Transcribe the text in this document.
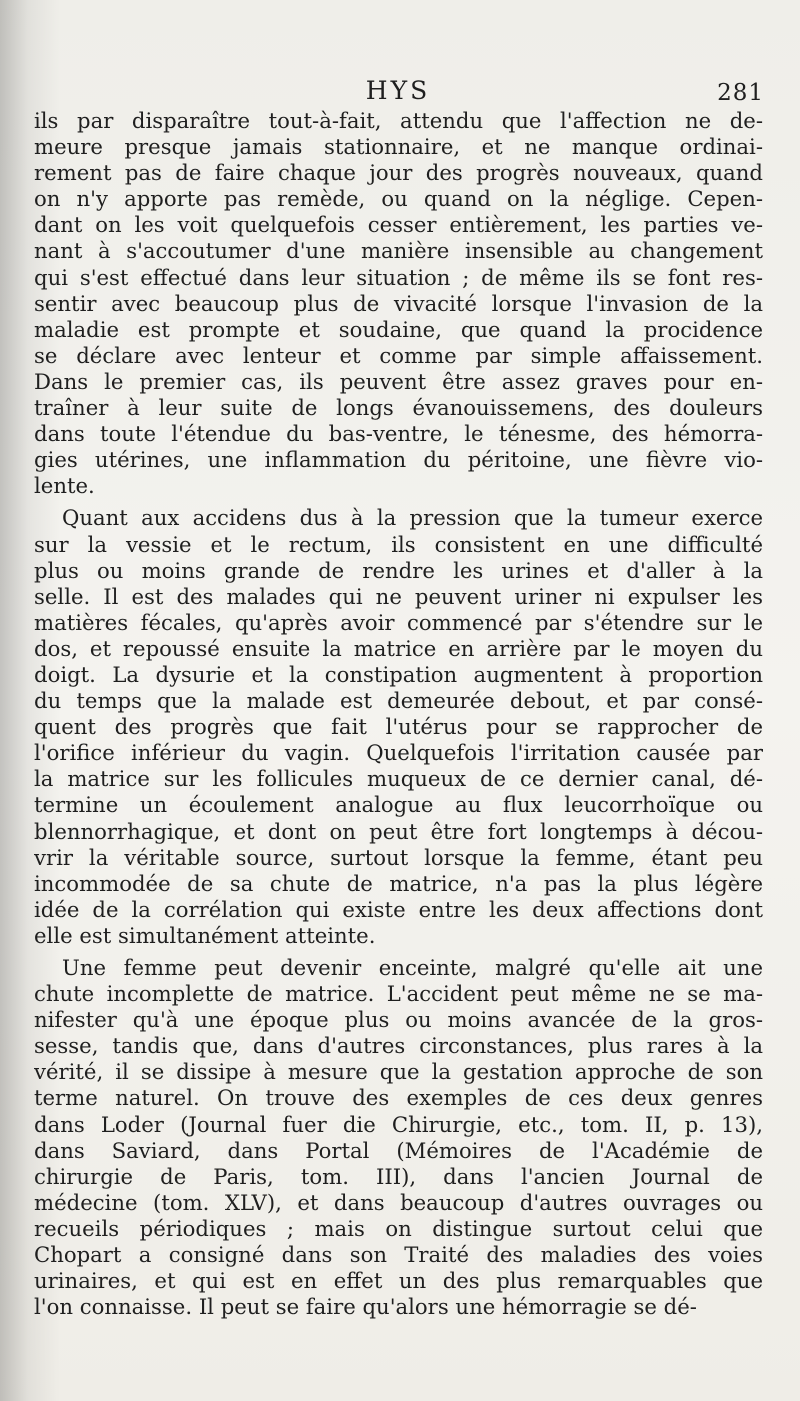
HYS	281
ils par disparaître tout-à-fait, attendu que l'affection ne de-
meure presque jamais stationnaire, et ne manque ordinai-
rement pas de faire chaque jour des progrès nouveaux, quand
on n'y apporte pas remède, ou quand on la néglige. Cepen-
dant on les voit quelquefois cesser entièrement, les parties ve-
nant à s'accoutumer d'une manière insensible au changement
qui s'est effectué dans leur situation ; de même ils se font res-
sentir avec beaucoup plus de vivacité lorsque l'invasion de la
maladie est prompte et soudaine, que quand la procidence
se déclare avec lenteur et comme par simple affaissement.
Dans le premier cas, ils peuvent être assez graves pour en-
traîner à leur suite de longs évanouissemens, des douleurs
dans toute l'étendue du bas-ventre, le ténesme, des hémorra-
gies utérines, une inflammation du péritoine, une fièvre vio-
lente.
Quant aux accidens dus à la pression que la tumeur exerce
sur la vessie et le rectum, ils consistent en une difficulté
plus ou moins grande de rendre les urines et d'aller à la
selle. Il est des malades qui ne peuvent uriner ni expulser les
matières fécales, qu'après avoir commencé par s'étendre sur le
dos, et repoussé ensuite la matrice en arrière par le moyen du
doigt. La dysurie et la constipation augmentent à proportion
du temps que la malade est demeurée debout, et par consé-
quent des progrès que fait l'utérus pour se rapprocher de
l'orifice inférieur du vagin. Quelquefois l'irritation causée par
la matrice sur les follicules muqueux de ce dernier canal, dé-
termine un écoulement analogue au flux leucorrhoïque ou
blennorrhagique, et dont on peut être fort longtemps à décou-
vrir la véritable source, surtout lorsque la femme, étant peu
incommodée de sa chute de matrice, n'a pas la plus légère
idée de la corrélation qui existe entre les deux affections dont
elle est simultanément atteinte.
Une femme peut devenir enceinte, malgré qu'elle ait une
chute incomplette de matrice. L'accident peut même ne se ma-
nifester qu'à une époque plus ou moins avancée de la gros-
sesse, tandis que, dans d'autres circonstances, plus rares à la
vérité, il se dissipe à mesure que la gestation approche de son
terme naturel. On trouve des exemples de ces deux genres
dans Loder (Journal fuer die Chirurgie, etc., tom. II, p. 13),
dans Saviard, dans Portal (Mémoires de l'Académie de
chirurgie de Paris, tom. III), dans l'ancien Journal de
médecine (tom. XLV), et dans beaucoup d'autres ouvrages ou
recueils périodiques ; mais on distingue surtout celui que
Chopart a consigné dans son Traité des maladies des voies
urinaires, et qui est en effet un des plus remarquables que
l'on connaisse. Il peut se faire qu'alors une hémorragie se dé-
